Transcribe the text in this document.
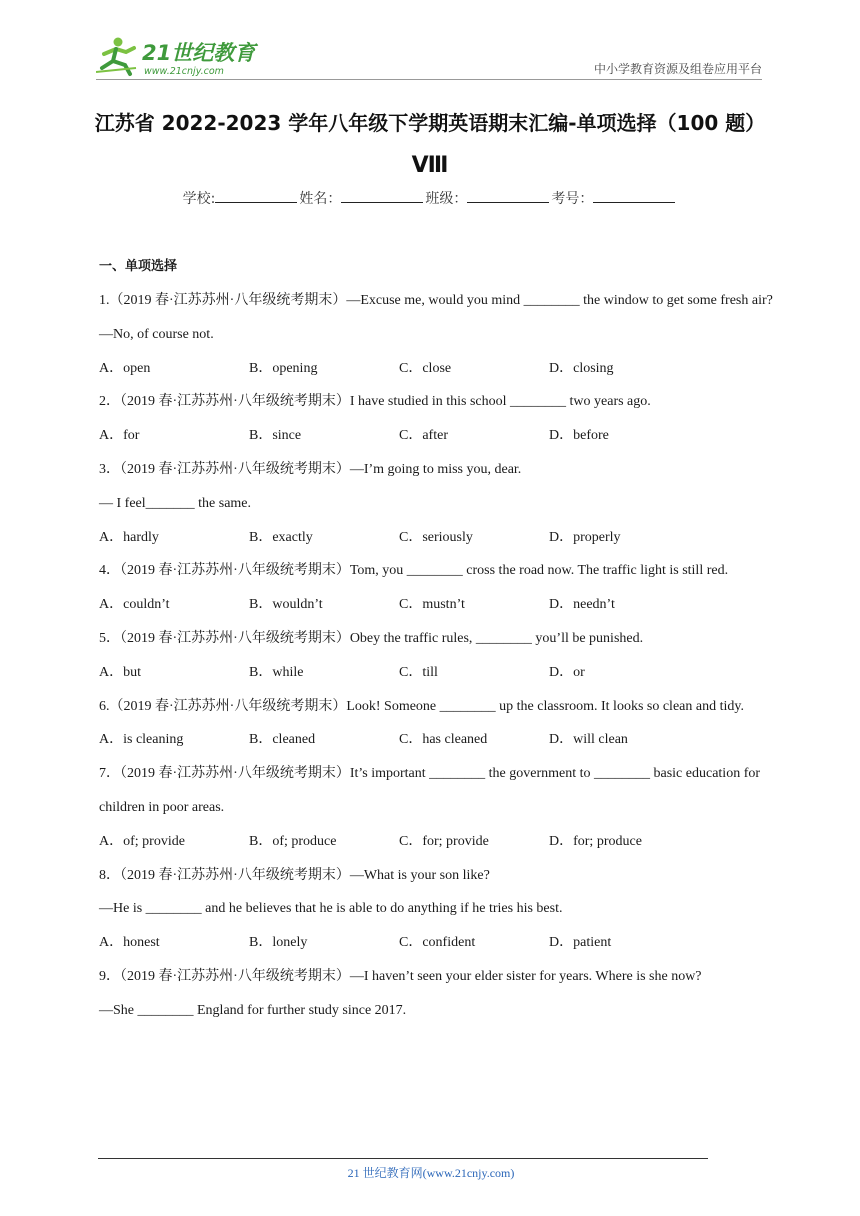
21世纪教育
www.21cnjy.com	中小学教育资源及组卷应用平台
江苏省 2022-2023 学年八年级下学期英语期末汇编-单项选择（100 题）
Ⅷ
学校:	姓名：	班级：	考号：
一、单项选择
1.（2019 春·江苏苏州·八年级统考期末）—Excuse me, would you mind ________ the window to get some fresh air?
—No, of course not.
A．open	B．opening	C．close	D．closing
2．（2019 春·江苏苏州·八年级统考期末）I have studied in this school ________ two years ago.
A．for	B．since	C．after	D．before
3．（2019 春·江苏苏州·八年级统考期末）—I’m going to miss you, dear.
— I feel_______ the same.
A．hardly	B．exactly	C．seriously	D．properly
4．（2019 春·江苏苏州·八年级统考期末）Tom, you ________ cross the road now. The traffic light is still red.
A．couldn’t	B．wouldn’t	C．mustn’t	D．needn’t
5．（2019 春·江苏苏州·八年级统考期末）Obey the traffic rules, ________ you’ll be punished.
A．but	B．while	C．till	D．or
6.（2019 春·江苏苏州·八年级统考期末）Look! Someone ________ up the classroom. It looks so clean and tidy.
A．is cleaning	B．cleaned	C．has cleaned	D．will clean
7．（2019 春·江苏苏州·八年级统考期末）It’s important ________ the government to ________ basic education for children in poor areas.
A．of; provide	B．of; produce	C．for; provide	D．for; produce
8．（2019 春·江苏苏州·八年级统考期末）—What is your son like?
—He is ________ and he believes that he is able to do anything if he tries his best.
A．honest	B．lonely	C．confident	D．patient
9．（2019 春·江苏苏州·八年级统考期末）—I haven’t seen your elder sister for years. Where is she now?
—She ________ England for further study since 2017.
21 世纪教育网(www.21cnjy.com)
